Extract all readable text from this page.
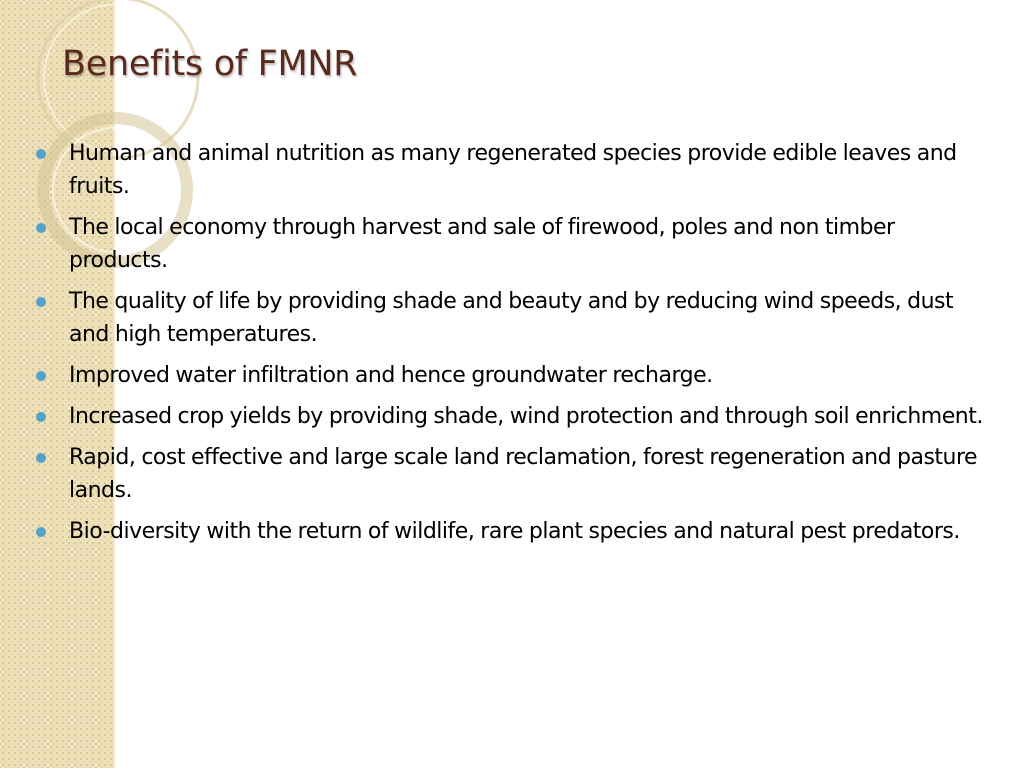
Benefits of FMNR
Human and animal nutrition as many regenerated species provide edible leaves and fruits.
The local economy through harvest and sale of firewood, poles and non timber products.
The quality of life by providing shade and beauty and by reducing wind speeds, dust and high temperatures.
Improved water infiltration and hence groundwater recharge.
Increased crop yields by providing shade, wind protection and through soil enrichment.
Rapid, cost effective and large scale land reclamation, forest regeneration and pasture lands.
Bio-diversity with the return of wildlife, rare plant species and natural pest predators.
